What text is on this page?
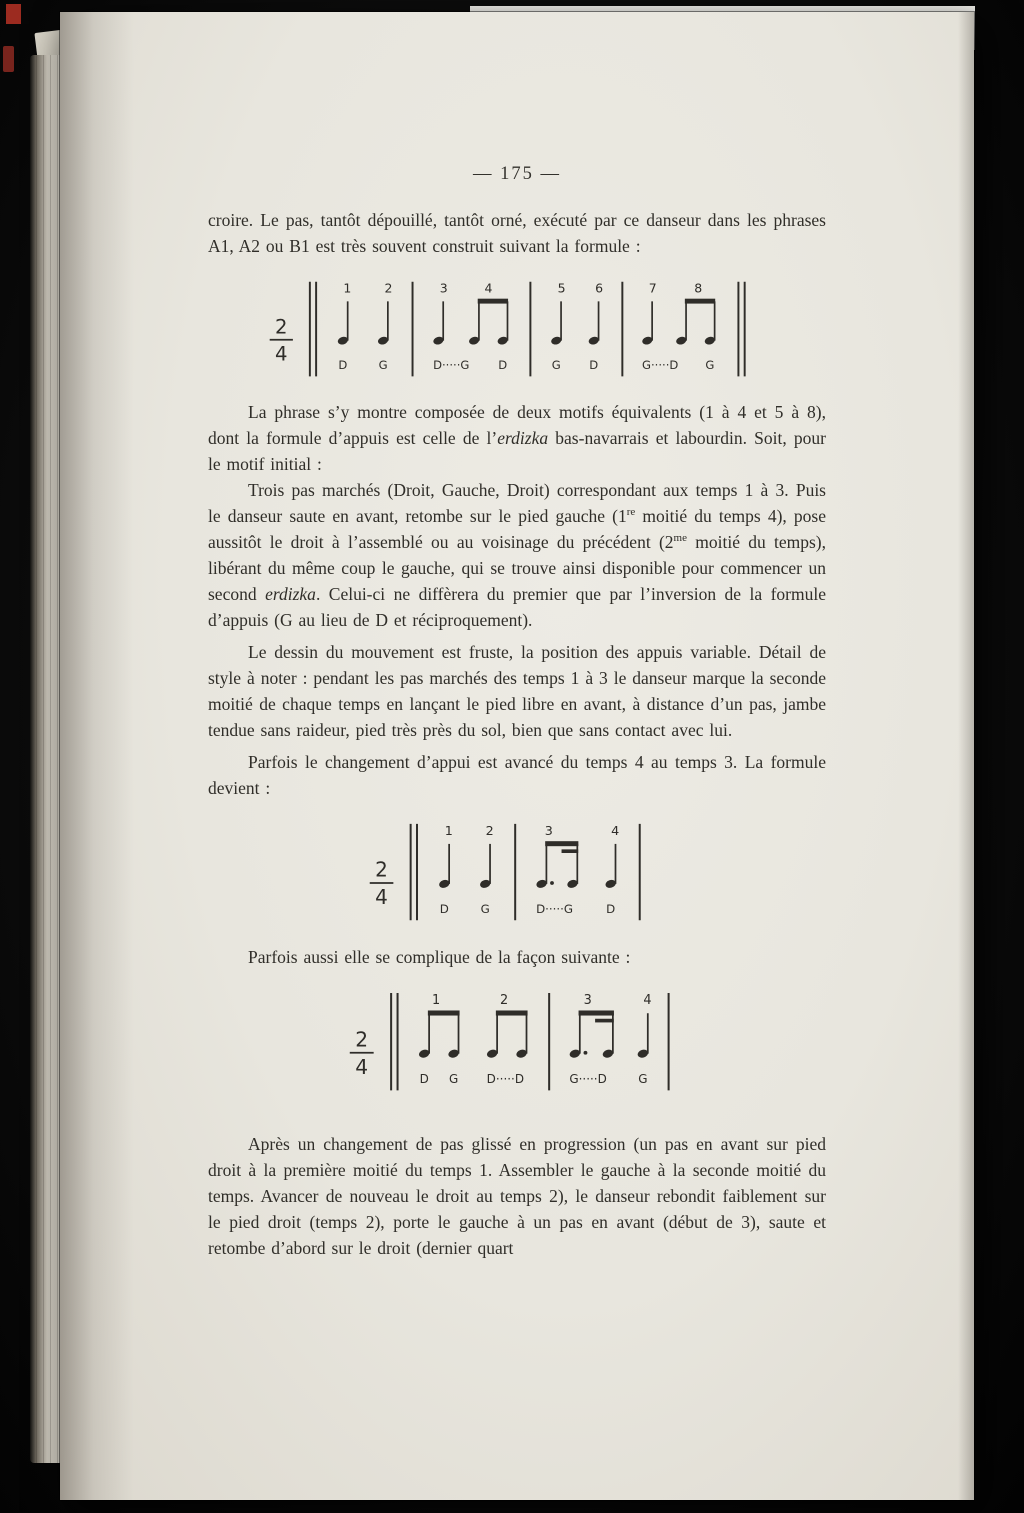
— 175 —

croire. Le pas, tantôt dépouillé, tantôt orné, exécuté par ce danseur dans les phrases A1, A2 ou B1 est très souvent construit suivant la formule :

2
4
1 2	3	4	5 6	7	8
D G	D·····G D	G D	G·····D G

La phrase s’y montre composée de deux motifs équivalents (1 à 4 et 5 à 8), dont la formule d’appuis est celle de l’erdizka bas-navarrais et labourdin. Soit, pour le motif initial :

Trois pas marchés (Droit, Gauche, Droit) correspondant aux temps 1 à 3. Puis le danseur saute en avant, retombe sur le pied gauche (1re moitié du temps 4), pose aussitôt le droit à l’assemblé ou au voisinage du précédent ($2^{me}$ moitié du temps), libérant du même coup le gauche, qui se trouve ainsi disponible pour commencer un second erdizka. Celui-ci ne diffèrera du premier que par l’inversion de la formule d’appuis (G au lieu de D et réciproquement).

Le dessin du mouvement est fruste, la position des appuis variable. Détail de style à noter : pendant les pas marchés des temps 1 à 3 le danseur marque la seconde moitié de chaque temps en lançant le pied libre en avant, à distance d’un pas, jambe tendue sans raideur, pied très près du sol, bien que sans contact avec lui.

Parfois le changement d’appui est avancé du temps 4 au temps 3. La formule devient :

2
4
1 2	3	4
D G	D·····G	D

Parfois aussi elle se complique de la façon suivante :

2
4
1	2	3	4
D G D·····D	G·····D G

Après un changement de pas glissé en progression (un pas en avant sur pied droit à la première moitié du temps 1. Assembler le gauche à la seconde moitié du temps. Avancer de nouveau le droit au temps 2), le danseur rebondit faiblement sur le pied droit (temps 2), porte le gauche à un pas en avant (début de 3), saute et retombe d’abord sur le droit (dernier quart
